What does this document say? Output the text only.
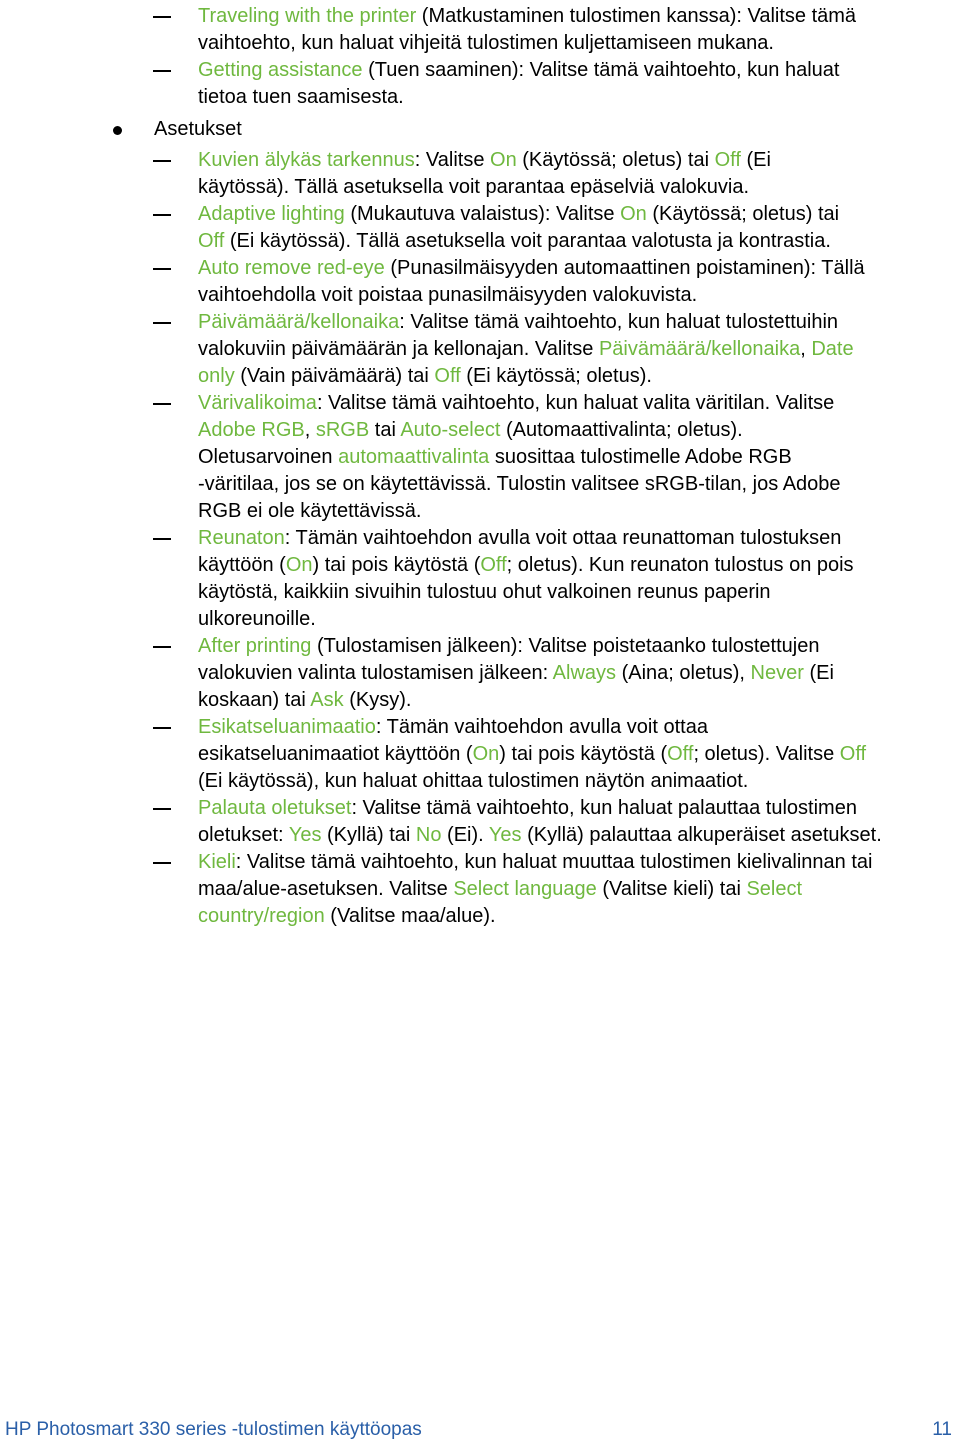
Traveling with the printer (Matkustaminen tulostimen kanssa): Valitse tämä
vaihtoehto, kun haluat vihjeitä tulostimen kuljettamiseen mukana.
Getting assistance (Tuen saaminen): Valitse tämä vaihtoehto, kun haluat
tietoa tuen saamisesta.
Asetukset
Kuvien älykäs tarkennus: Valitse On (Käytössä; oletus) tai Off (Ei
käytössä). Tällä asetuksella voit parantaa epäselviä valokuvia.
Adaptive lighting (Mukautuva valaistus): Valitse On (Käytössä; oletus) tai
Off (Ei käytössä). Tällä asetuksella voit parantaa valotusta ja kontrastia.
Auto remove red-eye (Punasilmäisyyden automaattinen poistaminen): Tällä
vaihtoehdolla voit poistaa punasilmäisyyden valokuvista.
Päivämäärä/kellonaika: Valitse tämä vaihtoehto, kun haluat tulostettuihin
valokuviin päivämäärän ja kellonajan. Valitse Päivämäärä/kellonaika, Date
only (Vain päivämäärä) tai Off (Ei käytössä; oletus).
Värivalikoima: Valitse tämä vaihtoehto, kun haluat valita väritilan. Valitse
Adobe RGB, sRGB tai Auto-select (Automaattivalinta; oletus).
Oletusarvoinen automaattivalinta suosittaa tulostimelle Adobe RGB
-väritilaa, jos se on käytettävissä. Tulostin valitsee sRGB-tilan, jos Adobe
RGB ei ole käytettävissä.
Reunaton: Tämän vaihtoehdon avulla voit ottaa reunattoman tulostuksen
käyttöön (On) tai pois käytöstä (Off; oletus). Kun reunaton tulostus on pois
käytöstä, kaikkiin sivuihin tulostuu ohut valkoinen reunus paperin
ulkoreunoille.
After printing (Tulostamisen jälkeen): Valitse poistetaanko tulostettujen
valokuvien valinta tulostamisen jälkeen: Always (Aina; oletus), Never (Ei
koskaan) tai Ask (Kysy).
Esikatseluanimaatio: Tämän vaihtoehdon avulla voit ottaa
esikatseluanimaatiot käyttöön (On) tai pois käytöstä (Off; oletus). Valitse Off
(Ei käytössä), kun haluat ohittaa tulostimen näytön animaatiot.
Palauta oletukset: Valitse tämä vaihtoehto, kun haluat palauttaa tulostimen
oletukset: Yes (Kyllä) tai No (Ei). Yes (Kyllä) palauttaa alkuperäiset asetukset.
Kieli: Valitse tämä vaihtoehto, kun haluat muuttaa tulostimen kielivalinnan tai
maa/alue-asetuksen. Valitse Select language (Valitse kieli) tai Select
country/region (Valitse maa/alue).
HP Photosmart 330 series -tulostimen käyttöopas	11
